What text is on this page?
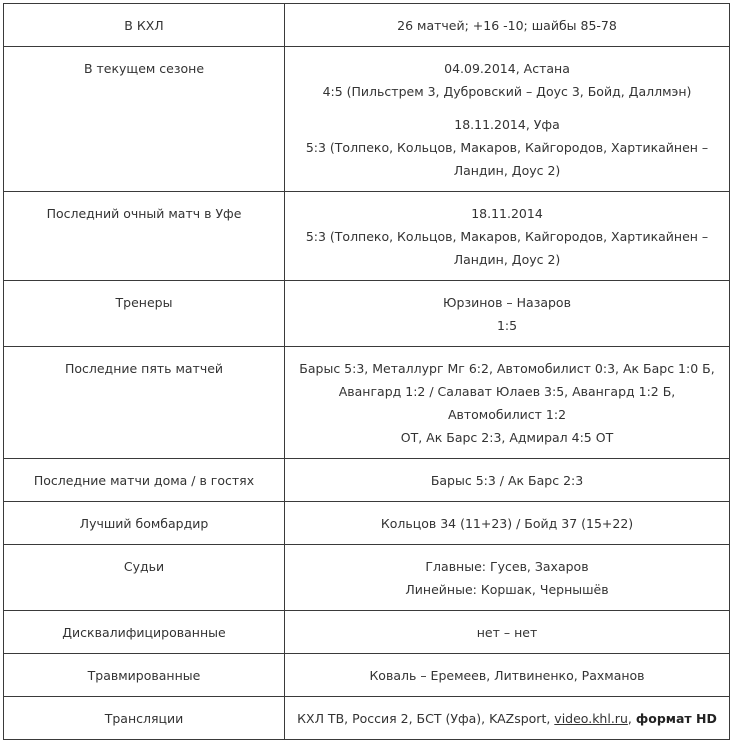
В КХЛ	26 матчей; +16 -10; шайбы 85-78
В текущем сезоне	04.09.2014, Астана
4:5 (Пильстрем 3, Дубровский – Доус 3, Бойд, Даллмэн)

18.11.2014, Уфа
5:3 (Толпеко, Кольцов, Макаров, Кайгородов, Хартикайнен –
Ландин, Доус 2)

Последний очный матч в Уфе	18.11.2014
5:3 (Толпеко, Кольцов, Макаров, Кайгородов, Хартикайнен –
Ландин, Доус 2)
Тренеры	Юрзинов – Назаров
1:5
Последние пять матчей	Барыс 5:3, Металлург Мг 6:2, Автомобилист 0:3, Ак Барс 1:0 Б,
Авангард 1:2 / Салават Юлаев 3:5, Авангард 1:2 Б, Автомобилист 1:2
ОТ, Ак Барс 2:3, Адмирал 4:5 ОТ
Последние матчи дома / в гостях	Барыс 5:3 / Ак Барс 2:3
Лучший бомбардир	Кольцов 34 (11+23) / Бойд 37 (15+22)
Судьи	Главные: Гусев, Захаров
Линейные: Коршак, Чернышёв
Дисквалифицированные	нет – нет
Травмированные	Коваль – Еремеев, Литвиненко, Рахманов
Трансляции	КХЛ ТВ, Россия 2, БСТ (Уфа), KAZsport, video.khl.ru, формат HD
